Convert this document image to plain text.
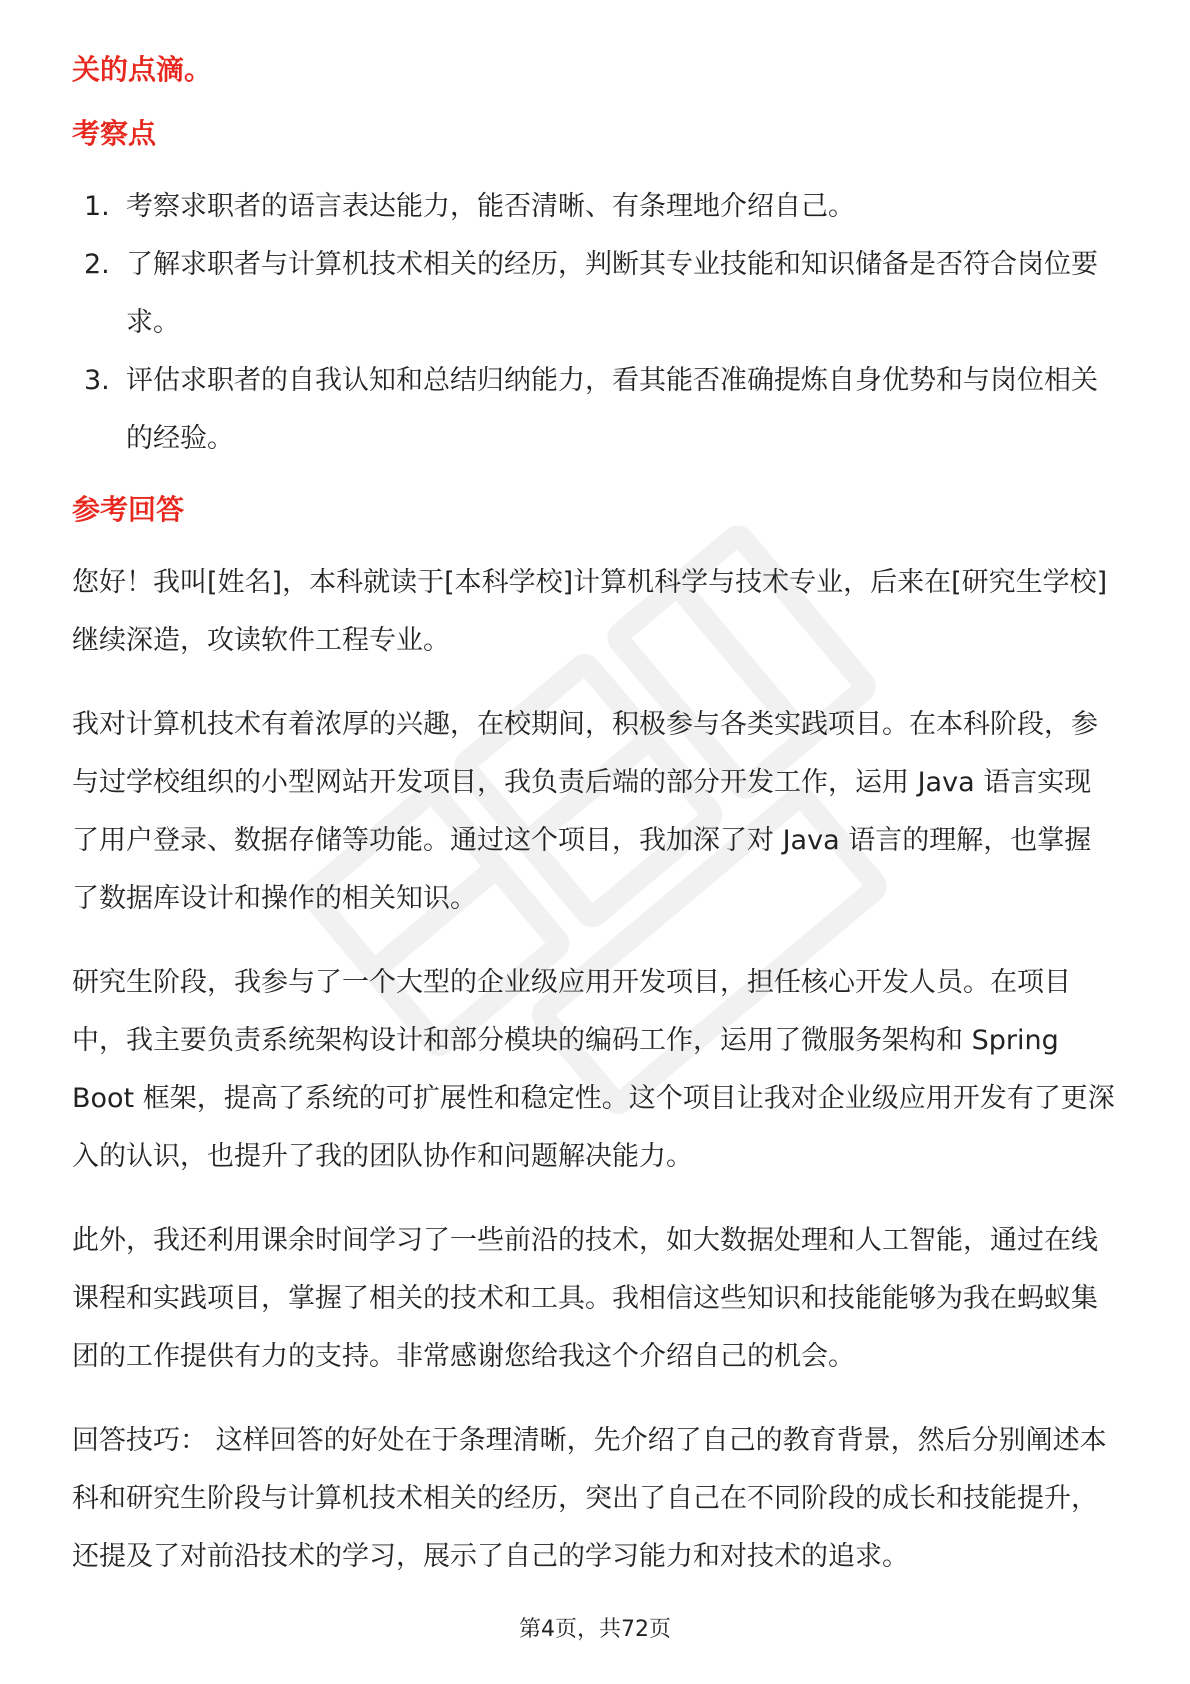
关的点滴。

考察点

1. 考察求职者的语言表达能力，能否清晰、有条理地介绍自己。
2. 了解求职者与计算机技术相关的经历，判断其专业技能和知识储备是否符合岗位要求。
3. 评估求职者的自我认知和总结归纳能力，看其能否准确提炼自身优势和与岗位相关的经验。

参考回答

您好！我叫[姓名]，本科就读于[本科学校]计算机科学与技术专业，后来在[研究生学校]继续深造，攻读软件工程专业。

我对计算机技术有着浓厚的兴趣，在校期间，积极参与各类实践项目。在本科阶段，参与过学校组织的小型网站开发项目，我负责后端的部分开发工作，运用 Java 语言实现了用户登录、数据存储等功能。通过这个项目，我加深了对 Java 语言的理解，也掌握了数据库设计和操作的相关知识。

研究生阶段，我参与了一个大型的企业级应用开发项目，担任核心开发人员。在项目中，我主要负责系统架构设计和部分模块的编码工作，运用了微服务架构和 Spring Boot 框架，提高了系统的可扩展性和稳定性。这个项目让我对企业级应用开发有了更深入的认识，也提升了我的团队协作和问题解决能力。

此外，我还利用课余时间学习了一些前沿的技术，如大数据处理和人工智能，通过在线课程和实践项目，掌握了相关的技术和工具。我相信这些知识和技能能够为我在蚂蚁集团的工作提供有力的支持。非常感谢您给我这个介绍自己的机会。

回答技巧： 这样回答的好处在于条理清晰，先介绍了自己的教育背景，然后分别阐述本科和研究生阶段与计算机技术相关的经历，突出了自己在不同阶段的成长和技能提升，还提及了对前沿技术的学习，展示了自己的学习能力和对技术的追求。

第4页，共72页
